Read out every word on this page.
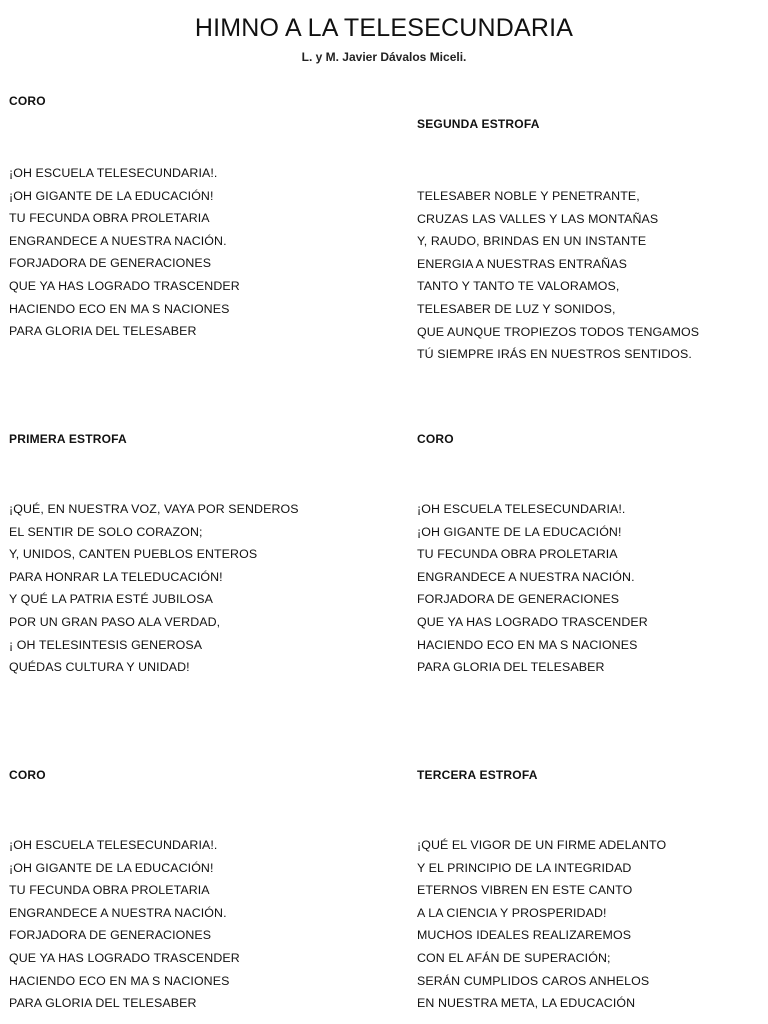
HIMNO A LA TELESECUNDARIA
L. y M. Javier Dávalos Miceli.
CORO
¡OH ESCUELA TELESECUNDARIA!.
¡OH GIGANTE DE LA EDUCACIÓN!
TU FECUNDA OBRA PROLETARIA
ENGRANDECE A NUESTRA NACIÓN.
FORJADORA DE GENERACIONES
QUE YA HAS LOGRADO TRASCENDER
HACIENDO ECO EN MA S NACIONES
PARA GLORIA DEL TELESABER
PRIMERA ESTROFA
¡QUÉ, EN NUESTRA VOZ, VAYA POR SENDEROS
EL SENTIR DE SOLO CORAZON;
Y, UNIDOS, CANTEN PUEBLOS ENTEROS
PARA HONRAR LA TELEDUCACIÓN!
Y QUÉ LA PATRIA ESTÉ JUBILOSA
POR UN GRAN PASO ALA VERDAD,
¡ OH TELESINTESIS GENEROSA
QUÉDAS CULTURA Y UNIDAD!
CORO
¡OH ESCUELA TELESECUNDARIA!.
¡OH GIGANTE DE LA EDUCACIÓN!
TU FECUNDA OBRA PROLETARIA
ENGRANDECE A NUESTRA NACIÓN.
FORJADORA DE GENERACIONES
QUE YA HAS LOGRADO TRASCENDER
HACIENDO ECO EN MA S NACIONES
PARA GLORIA DEL TELESABER
SEGUNDA ESTROFA
TELESABER NOBLE Y PENETRANTE,
CRUZAS LAS VALLES Y LAS MONTAÑAS
Y, RAUDO, BRINDAS EN UN INSTANTE
ENERGIA A NUESTRAS ENTRAÑAS
TANTO Y TANTO TE VALORAMOS,
TELESABER DE LUZ Y SONIDOS,
QUE AUNQUE TROPIEZOS TODOS TENGAMOS
TÚ SIEMPRE IRÁS EN NUESTROS SENTIDOS.
CORO
¡OH ESCUELA TELESECUNDARIA!.
¡OH GIGANTE DE LA EDUCACIÓN!
TU FECUNDA OBRA PROLETARIA
ENGRANDECE A NUESTRA NACIÓN.
FORJADORA DE GENERACIONES
QUE YA HAS LOGRADO TRASCENDER
HACIENDO ECO EN MA S NACIONES
PARA GLORIA DEL TELESABER
TERCERA ESTROFA
¡QUÉ EL VIGOR DE UN FIRME ADELANTO
Y EL PRINCIPIO DE LA INTEGRIDAD
ETERNOS VIBREN EN ESTE CANTO
A LA CIENCIA Y PROSPERIDAD!
MUCHOS IDEALES REALIZAREMOS
CON EL AFÁN DE SUPERACIÓN;
SERÁN CUMPLIDOS CAROS ANHELOS
EN NUESTRA META, LA EDUCACIÓN
